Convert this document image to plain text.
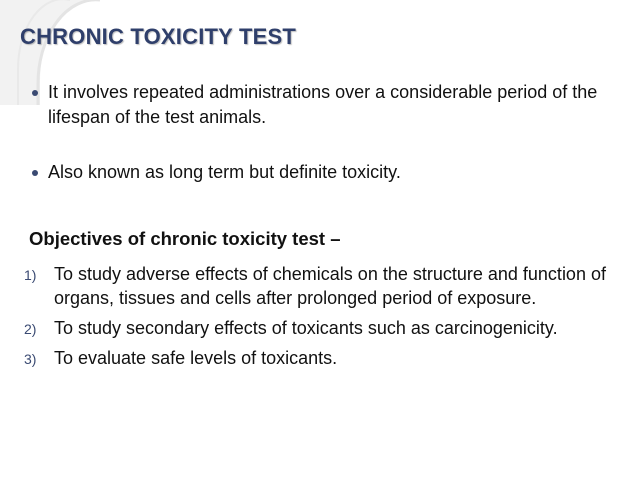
CHRONIC TOXICITY TEST
It involves repeated administrations over a considerable period of the lifespan of the test animals.
Also known as long term but definite toxicity.
Objectives of chronic toxicity test –
1) To study adverse effects of chemicals on the structure and function of organs, tissues and cells after prolonged period of exposure.
2) To study secondary effects of toxicants such as carcinogenicity.
3) To evaluate safe levels of toxicants.
